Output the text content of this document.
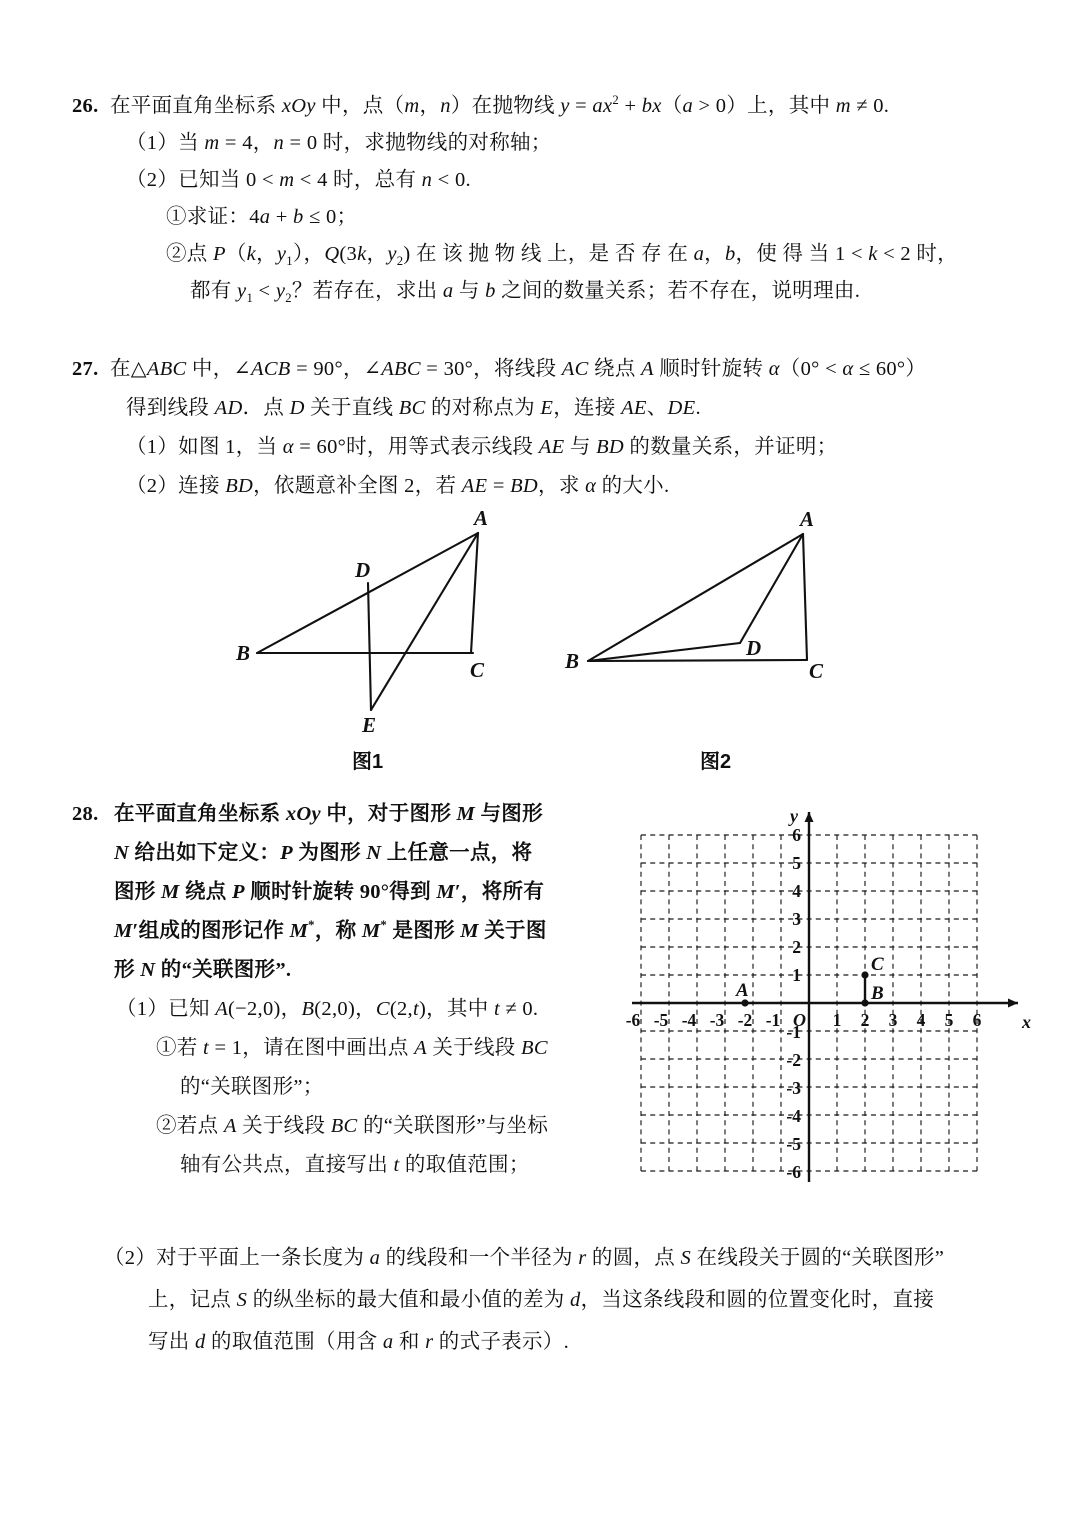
26. 在平面直角坐标系 xOy 中，点（m，n）在抛物线 $y = ax^2 + bx(a > 0)$上，其中 m ≠ 0.
（1）当 m = 4，n = 0 时，求抛物线的对称轴；
（2）已知当 0 < m < 4 时，总有 n < 0.
①求证：4a + b ≤ 0；
②点 P（k，$y_1$），Q(3k，$y_2$) 在 该 抛 物 线 上，是 否 存 在 a，b，使 得 当 1 < k < 2 时，
都有 $y_1 < y_2$？若存在，求出 a 与 b 之间的数量关系；若不存在，说明理由.
27. 在△ABC 中，∠ACB = 90°，∠ABC = 30°，将线段 AC 绕点 A 顺时针旋转 α（0° < α ≤ 60°）
得到线段 AD．点 D 关于直线 BC 的对称点为 E，连接 AE、DE.
（1）如图 1，当 α = 60°时，用等式表示线段 AE 与 BD 的数量关系，并证明；
（2）连接 BD，依题意补全图 2，若 AE = BD，求 α 的大小.
A
B
C
D
E
图1
A
B	C
D
图2
28. 在平面直角坐标系 xOy 中，对于图形 M 与图形
N 给出如下定义：P 为图形 N 上任意一点，将
图形 M 绕点 P 顺时针旋转 90°得到 M′，将所有
M′组成的图形记作 M*，称 M* 是图形 M 关于图
形 N 的“关联图形”.
（1）已知 A(−2,0)，B(2,0)，C(2,t)，其中 t ≠ 0.
①若 t = 1，请在图中画出点 A 关于线段 BC
的“关联图形”；
②若点 A 关于线段 BC 的“关联图形”与坐标
轴有公共点，直接写出 t 的取值范围；
-6 -5 -4 -3 -2 -1	1 2 3 4 5 6
6
5
4
3
2
1
-1
-2
-3
-4
-5
-6
O	x
y
A	B
C
（2）对于平面上一条长度为 a 的线段和一个半径为 r 的圆，点 S 在线段关于圆的“关联图形”
上，记点 S 的纵坐标的最大值和最小值的差为 d，当这条线段和圆的位置变化时，直接
写出 d 的取值范围（用含 a 和 r 的式子表示）.
